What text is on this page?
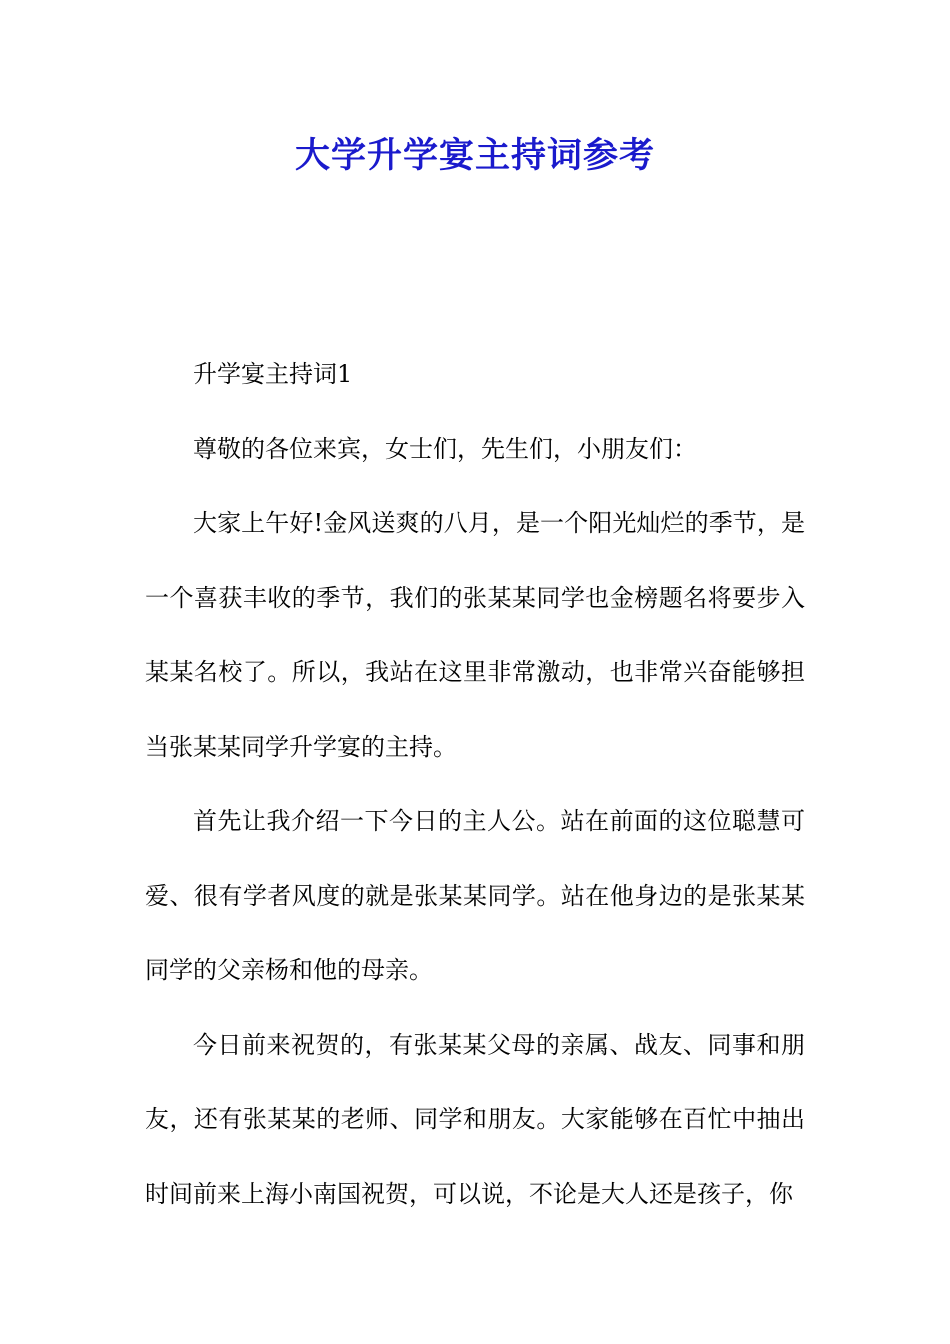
大学升学宴主持词参考

升学宴主持词1

尊敬的各位来宾，女士们，先生们，小朋友们：

大家上午好!金风送爽的八月，是一个阳光灿烂的季节，是一个喜获丰收的季节，我们的张某某同学也金榜题名将要步入某某名校了。所以，我站在这里非常激动，也非常兴奋能够担当张某某同学升学宴的主持。

首先让我介绍一下今日的主人公。站在前面的这位聪慧可爱、很有学者风度的就是张某某同学。站在他身边的是张某某同学的父亲杨和他的母亲。

今日前来祝贺的，有张某某父母的亲属、战友、同事和朋友，还有张某某的老师、同学和朋友。大家能够在百忙中抽出时间前来上海小南国祝贺，可以说，不论是大人还是孩子，你
